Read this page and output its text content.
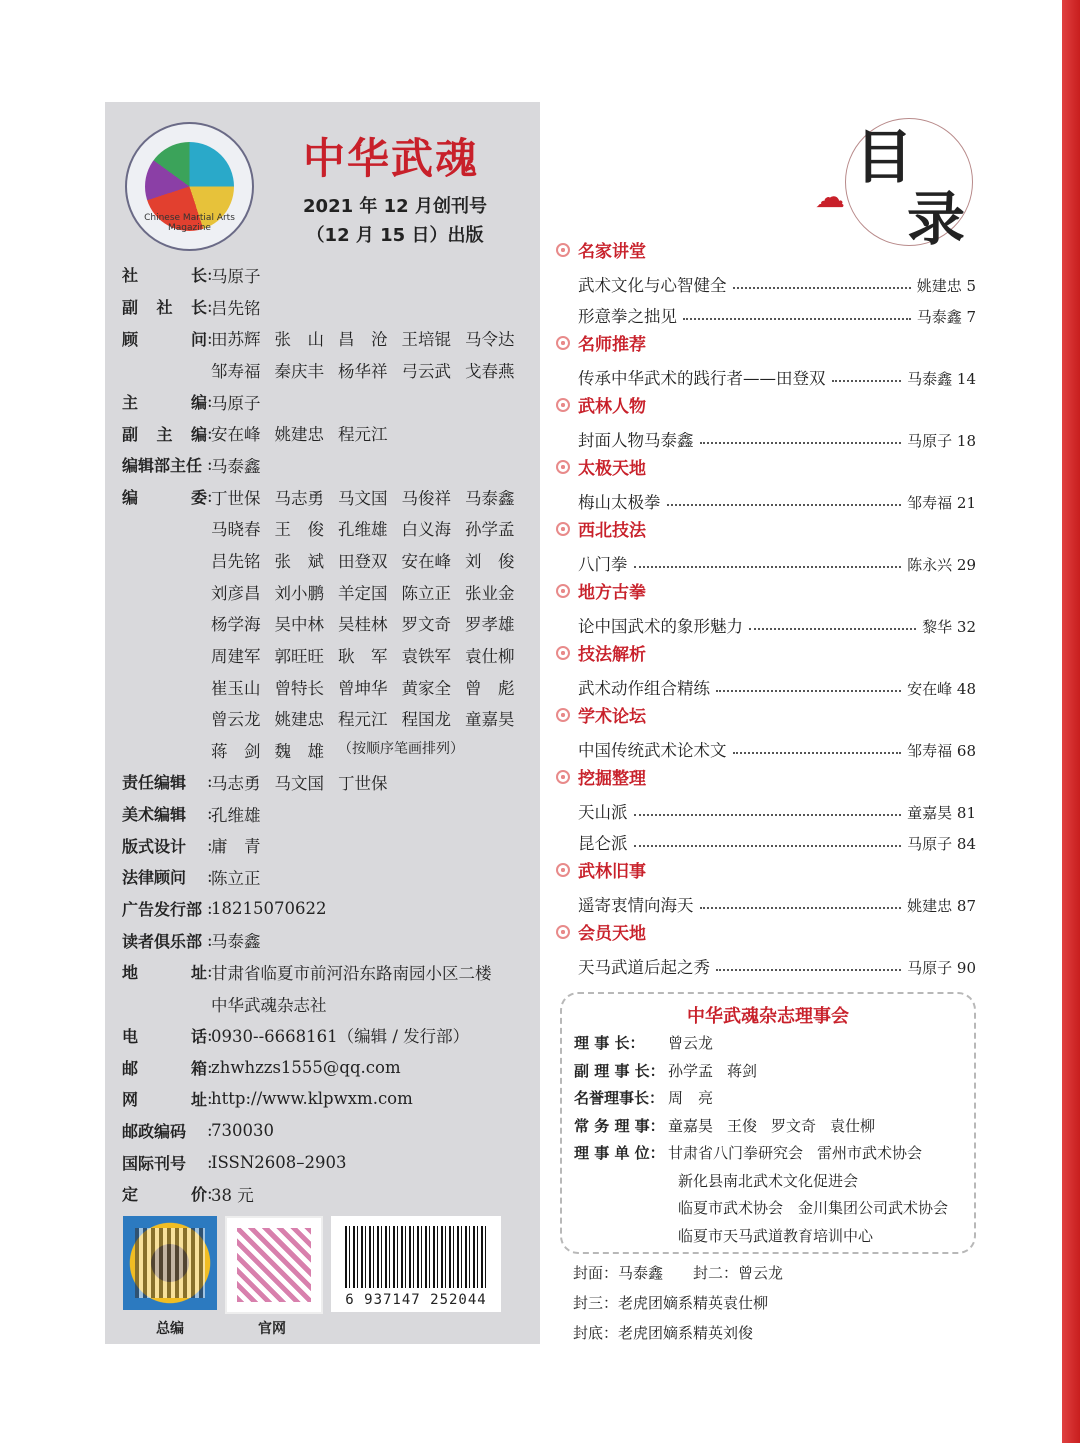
Chinese Martial Arts Magazine
中华武魂
2021 年 12 月创刊号
（12 月 15 日）出版
社	长 :
马原子
副 社 长 :
吕先铭
顾	问 :
田苏辉 张　山 昌　沧 王培锟 马令达
邹寿福 秦庆丰 杨华祥 弓云武 戈春燕
主	编 :
马原子
副 主 编 :
安在峰 姚建忠 程元江
编辑部主任 :
马泰鑫
编	委 :
丁世保 马志勇 马文国 马俊祥 马泰鑫
马晓春 王　俊 孔维雄 白义海 孙学孟
吕先铭 张　斌 田登双 安在峰 刘　俊
刘彦昌 刘小鹏 羊定国 陈立正 张业金
杨学海 吴中林 吴桂林 罗文奇 罗孝雄
周建军 郭旺旺 耿　军 袁铁军 袁仕柳
崔玉山 曾特长 曾坤华 黄家全 曾　彪
曾云龙 姚建忠 程元江 程国龙 童嘉昊
蒋　剑 魏　雄 （按顺序笔画排列）
责任编辑 :
马志勇 马文国 丁世保
美术编辑 :
孔维雄
版式设计 :
庸　青
法律顾问 :
陈立正
广告发行部 :
18215070622
读者俱乐部 :
马泰鑫
地	址 :
甘肃省临夏市前河沿东路南园小区二楼
中华武魂杂志社
电	话 :
0930--6668161（编辑 / 发行部）
邮	箱 :
zhwhzzs1555@qq.com
网	址 :
http://www.klpwxm.com
邮政编码 :
730030
国际刊号 :
ISSN2608–2903
定	价 :
38 元
6 937147 252044
总编	官网
☁
目
录
名家讲堂
武术文化与心智健全	姚建忠 5
形意拳之拙见	马泰鑫 7
名师推荐
传承中华武术的践行者——田登双	马泰鑫 14
武林人物
封面人物马泰鑫	马原子 18
太极天地
梅山太极拳	邹寿福 21
西北技法
八门拳	陈永兴 29
地方古拳
论中国武术的象形魅力	黎华 32
技法解析
武术动作组合精练	安在峰 48
学术论坛
中国传统武术论术文	邹寿福 68
挖掘整理
天山派	童嘉昊 81
昆仑派	马原子 84
武林旧事
遥寄衷情向海天	姚建忠 87
会员天地
天马武道后起之秀	马原子 90
中华武魂杂志理事会
理 事 长：	曾云龙
副 理 事 长： 孙学孟 蒋剑
名誉理事长： 周　亮
常 务 理 事： 童嘉昊 王俊 罗文奇 袁仕柳
理 事 单 位： 甘肃省八门拳研究会 雷州市武术协会
新化县南北武术文化促进会
临夏市武术协会　金川集团公司武术协会
临夏市天马武道教育培训中心
封面：马泰鑫 封二：曾云龙
封三：老虎团嫡系精英袁仕柳
封底：老虎团嫡系精英刘俊
